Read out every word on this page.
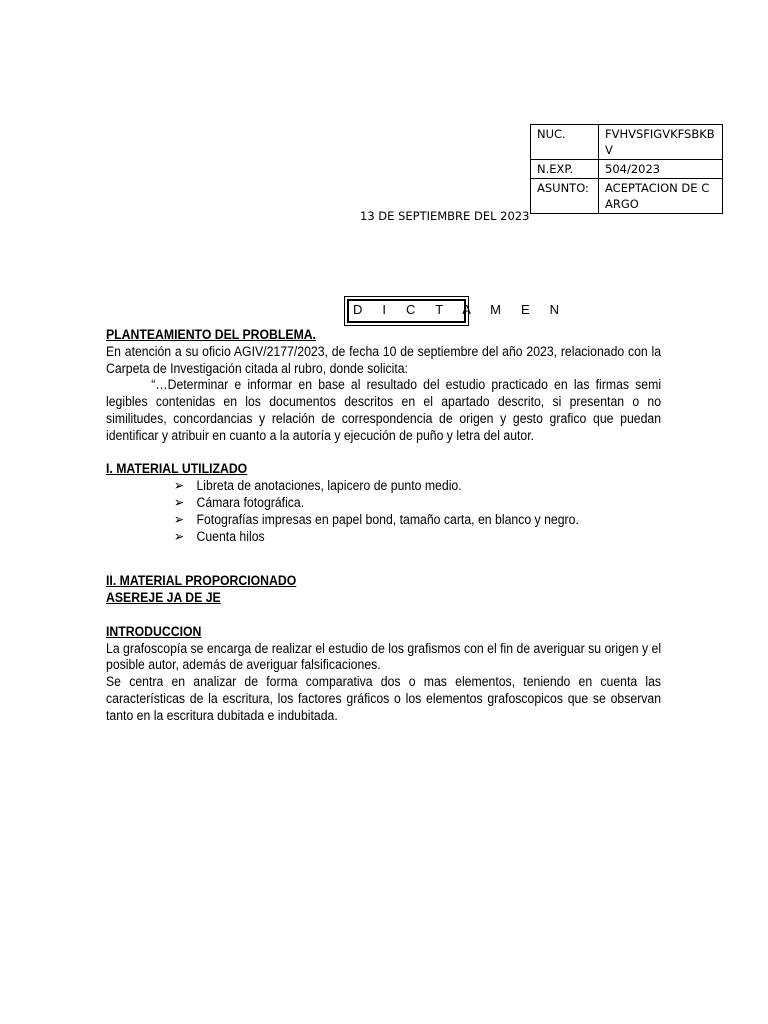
NUC.	FVHVSFIGVKFSBKBV
N.EXP.	504/2023
ASUNTO:	ACEPTACION DE CARGO
13 DE SEPTIEMBRE DEL 2023
D I C T A M E N

PLANTEAMIENTO DEL PROBLEMA.

En atención a su oficio AGIV/2177/2023, de fecha 10 de septiembre del año 2023, relacionado con la Carpeta de Investigación citada al rubro, donde solicita:

“…Determinar e informar en base al resultado del estudio practicado en las firmas semi legibles contenidas en los documentos descritos en el apartado descrito, si presentan o no similitudes, concordancias y relación de correspondencia de origen y gesto grafico que puedan identificar y atribuir en cuanto a la autoría y ejecución de puño y letra del autor.

I. MATERIAL UTILIZADO

➢ Libreta de anotaciones, lapicero de punto medio.
➢ Cámara fotográfica.
➢ Fotografías impresas en papel bond, tamaño carta, en blanco y negro.
➢ Cuenta hilos

II. MATERIAL PROPORCIONADO

ASEREJE JA DE JE

INTRODUCCION

La grafoscopía se encarga de realizar el estudio de los grafismos con el fin de averiguar su origen y el posible autor, además de averiguar falsificaciones.

Se centra en analizar de forma comparativa dos o mas elementos, teniendo en cuenta las características de la escritura, los factores gráficos o los elementos grafoscopicos que se observan tanto en la escritura dubitada e indubitada.
